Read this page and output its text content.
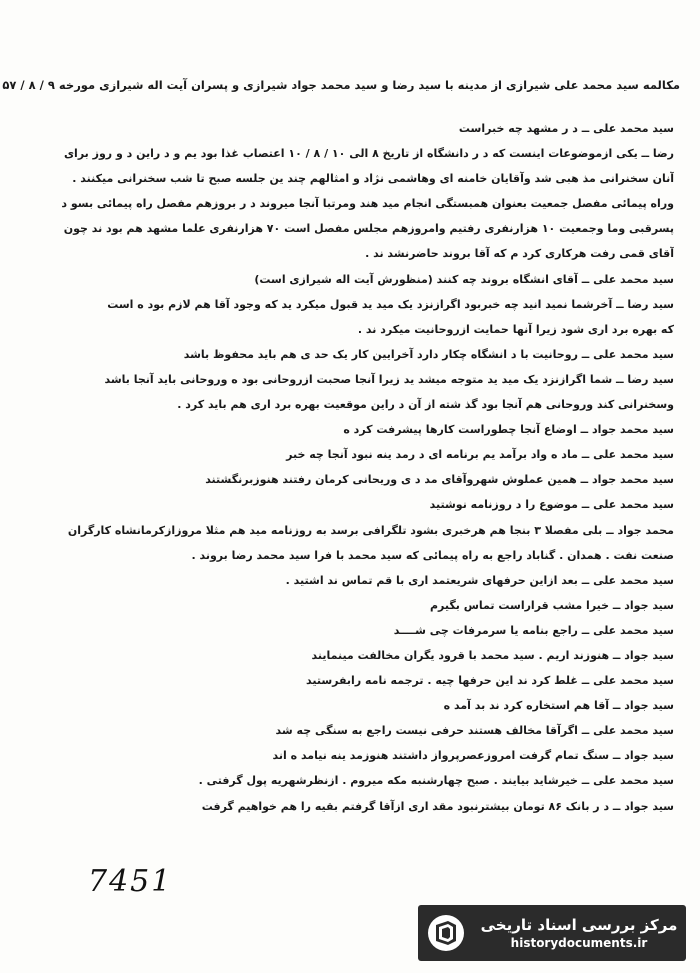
مکالمه سید محمد علی شیرازی از مدینه با سید رضا و سید محمد جواد شیرازی و پسران آیت اله شیرازی مورخه ۹ / ۸ / ۵۷
سید محمد علی ــ د ر مشهد چه خبراست
رضا ــ یکی ازموضوعات اینست که د ر دانشگاه از تاریخ ۸ الی ۱۰ / ۸ / ۱۰ اعتصاب غذا بود یم و د راین د و روز برای
آنان سخنرانی مذ هبی شد وآقایان خامنه ای وهاشمی نژاد و امثالهم چند ین جلسه صبح تا شب سخنرانی میکنند .
وراه پیمائی مفصل جمعیت بعنوان همبستگی انجام مید هند ومرتبا آنجا میروند د ر بروزهم مفصل راه پیمائی بسو د
پسرقبی وما وجمعیت ۱۰ هزارنفری رفتیم وامروزهم مجلس مفصل است ۷۰ هزارنفری علما مشهد هم بود ند چون
آقای قمی رفت هرکاری کرد م که آقا بروند حاضرنشد ند .
سید محمد علی ــ آقای انشگاه بروند چه کنند (منظورش آیت اله شیرازی است)
سید رضا ــ آخرشما نمید انید چه خبربود اگرازنزد یک مید ید قبول میکرد ید که وجود آقا هم لازم بود ه است
که بهره برد اری شود زیرا آنها حمایت ازروحانیت میکرد ند .
سید محمد علی ــ روحانیت با د انشگاه چکار دارد آخرایین کار یک حد ی هم باید محفوظ باشد
سید رضا ــ شما اگرازنزد یک مید ید متوجه میشد ید زیرا آنجا صحبت ازروحانی بود ه وروحانی باید آنجا باشد
وسخنرانی کند وروحانی هم آنجا بود گذ شته از آن د راین موقعیت بهره برد اری هم باید کرد .
سید محمد جواد ــ اوضاع آنجا چطوراست کارها پیشرفت کرد ه
سید محمد علی ــ ماد ه واد برآمد یم برنامه ای د رمد ینه نبود آنجا چه خبر
سید محمد جواد ــ همین عملوش شهروآقای مد د ی وریحانی کرمان رفتند هنوزبرنگشتند
سید محمد علی ــ موضوع را د روزنامه نوشتید
محمد جواد ــ بلی مفصلا ۳ بنجا هم هرخبری بشود تلگرافی برسد به روزنامه مید هم مثلا مروزازکرمانشاه کارگران
صنعت نفت . همدان . گناباد راجع به راه پیمائی که سید محمد با فرا سید محمد رضا بروند .
سید محمد علی ــ بعد ازاین حرفهای شریعتمد اری با قم تماس ند اشتید .
سید جواد ــ خیرا مشب قراراست تماس بگیرم
سید محمد علی ــ راجع بنامه یا سرمرفات چی شــــد
سید جواد ــ هنوزند اریم . سید محمد با قرود یگران مخالفت مینمایند
سید محمد علی ــ غلط کرد ند این حرفها چیه . ترجمه نامه رابفرستید
سید جواد ــ آقا هم استخاره کرد ند بد آمد ه
سید محمد علی ــ اگرآقا مخالف هستند حرفی نیست راجع به سنگی چه شد
سید جواد ــ سنگ تمام گرفت امروزعصرپرواز داشتند هنوزمد ینه نیامد ه اند
سید محمد علی ــ خیرشاید بیایند . صبح چهارشنبه مکه میروم . ازنظرشهریه پول گرفتی .
سید جواد ــ د ر بانک ۸۶ تومان بیشترنبود مقد اری ازآقا گرفتم بقیه را هم خواهیم گرفت
7451
مرکز بررسی اسناد تاریخی
historydocuments.ir
